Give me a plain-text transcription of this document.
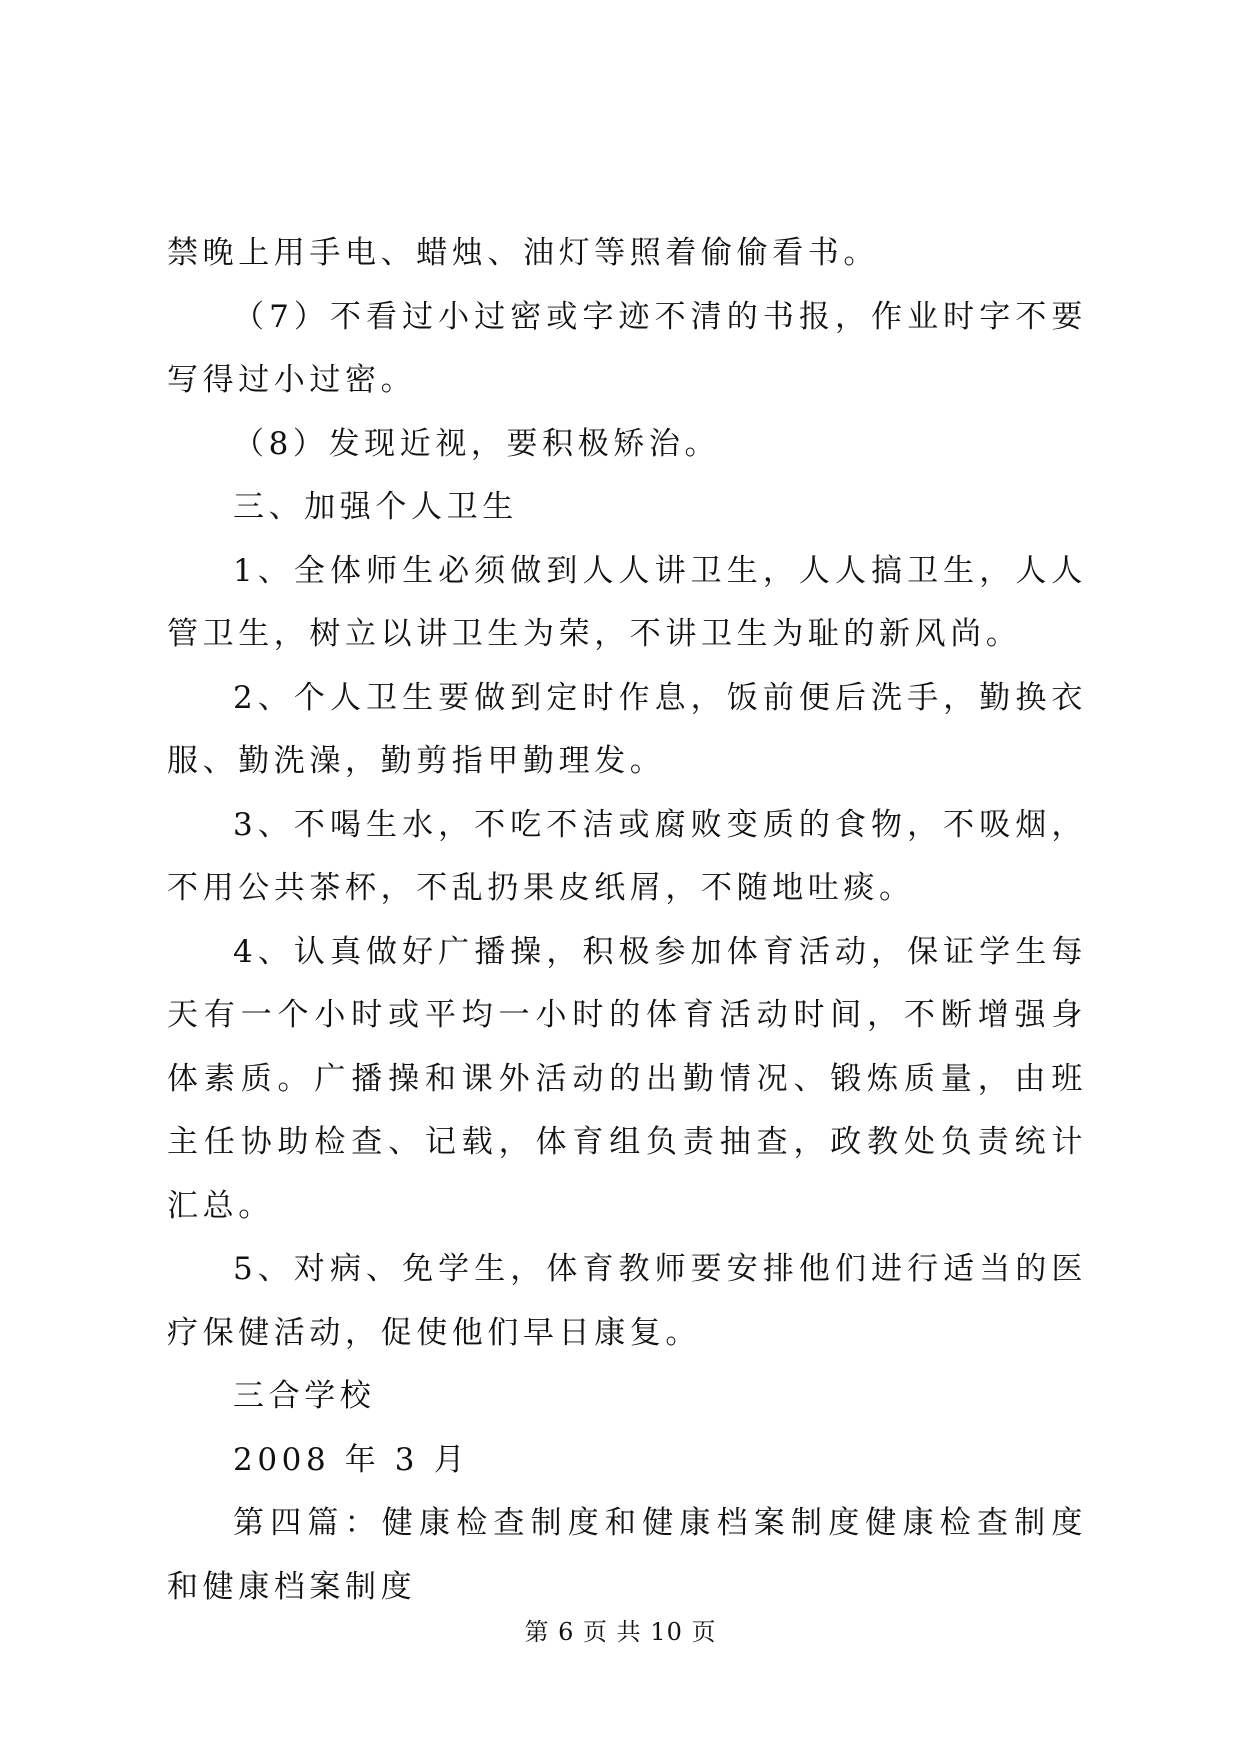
禁晚上用手电、蜡烛、油灯等照着偷偷看书。

（7）不看过小过密或字迹不清的书报，作业时字不要写得过小过密。

（8）发现近视，要积极矫治。

三、加强个人卫生

1、全体师生必须做到人人讲卫生，人人搞卫生，人人管卫生，树立以讲卫生为荣，不讲卫生为耻的新风尚。

2、个人卫生要做到定时作息，饭前便后洗手，勤换衣服、勤洗澡，勤剪指甲勤理发。

3、不喝生水，不吃不洁或腐败变质的食物，不吸烟，不用公共茶杯，不乱扔果皮纸屑，不随地吐痰。

4、认真做好广播操，积极参加体育活动，保证学生每天有一个小时或平均一小时的体育活动时间，不断增强身体素质。广播操和课外活动的出勤情况、锻炼质量，由班主任协助检查、记载，体育组负责抽查，政教处负责统计汇总。

5、对病、免学生，体育教师要安排他们进行适当的医疗保健活动，促使他们早日康复。

三合学校

2008 年 3 月

第四篇：健康检查制度和健康档案制度健康检查制度和健康档案制度

第 6 页 共 10 页
